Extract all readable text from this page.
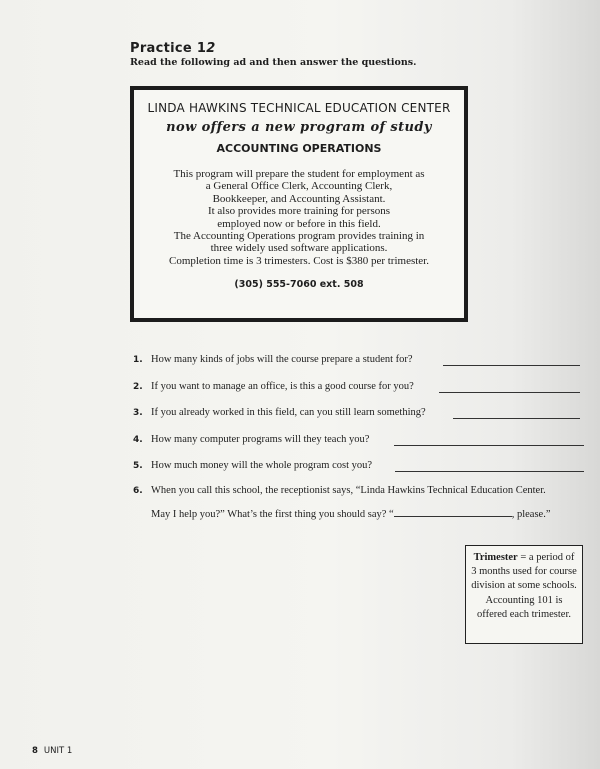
Practice 12
Read the following ad and then answer the questions.
LINDA HAWKINS TECHNICAL EDUCATION CENTER
now offers a new program of study
ACCOUNTING OPERATIONS
This program will prepare the student for employment as
a General Office Clerk, Accounting Clerk,
Bookkeeper, and Accounting Assistant.
It also provides more training for persons
employed now or before in this field.
The Accounting Operations program provides training in
three widely used software applications.
Completion time is 3 trimesters. Cost is $380 per trimester.
(305) 555-7060 ext. 508
1. How many kinds of jobs will the course prepare a student for?
2. If you want to manage an office, is this a good course for you?
3. If you already worked in this field, can you still learn something?
4. How many computer programs will they teach you?
5. How much money will the whole program cost you?
6. When you call this school, the receptionist says, “Linda Hawkins Technical Education Center.
May I help you?” What’s the first thing you should say? “	, please.”
Trimester = a period of 3 months used for course division at some schools. Accounting 101 is offered each trimester.
8 UNIT 1
